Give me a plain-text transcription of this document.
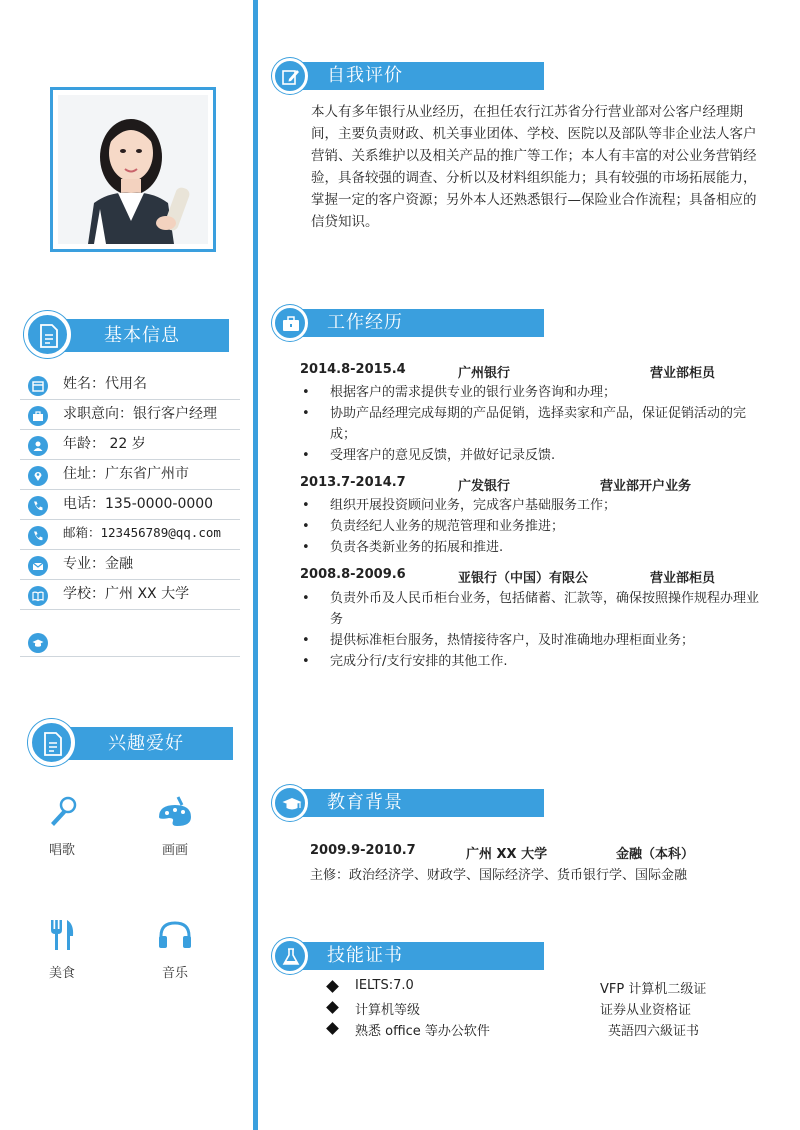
基本信息
姓名：代用名
求职意向：银行客户经理
年龄： 22 岁
住址：广东省广州市
电话：135-0000-0000
邮箱：123456789@qq.com
专业：金融
学校：广州 XX 大学
兴趣爱好
唱歌	画画
美食	音乐
自我评价
本人有多年银行从业经历，在担任农行江苏省分行营业部对公客户经理期间，主要负责财政、机关事业团体、学校、医院以及部队等非企业法人客户营销、关系维护以及相关产品的推广等工作；本人有丰富的对公业务营销经验，具备较强的调查、分析以及材料组织能力；具有较强的市场拓展能力，掌握一定的客户资源；另外本人还熟悉银行—保险业合作流程；具备相应的信贷知识。
工作经历
2014.8-2015.4	广州银行	营业部柜员
• 根据客户的需求提供专业的银行业务咨询和办理；
• 协助产品经理完成每期的产品促销，选择卖家和产品，保证促销活动的完成；
• 受理客户的意见反馈，并做好记录反馈.
2013.7-2014.7	广发银行	营业部开户业务
• 组织开展投资顾问业务，完成客户基础服务工作；
• 负责经纪人业务的规范管理和业务推进；
• 负责各类新业务的拓展和推进.
2008.8-2009.6	亚银行（中国）有限公	营业部柜员
• 负责外币及人民币柜台业务，包括储蓄、汇款等，确保按照操作规程办理业务
• 提供标准柜台服务，热情接待客户，及时准确地办理柜面业务；
• 完成分行/支行安排的其他工作.
教育背景
2009.9-2010.7	广州 XX 大学	金融（本科）
主修：政治经济学、财政学、国际经济学、货币银行学、国际金融
技能证书
IELTS:7.0	VFP 计算机二级证
计算机等级	证券从业资格证
熟悉 office 等办公软件	英語四六級证书
